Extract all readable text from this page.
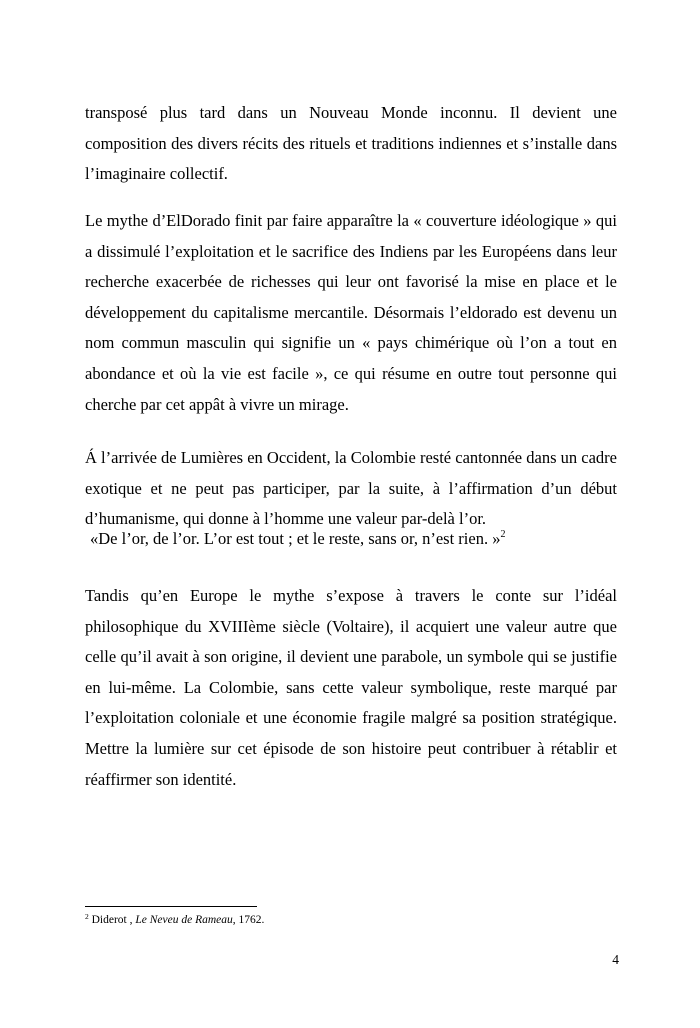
transposé plus tard dans un Nouveau Monde inconnu. Il devient une composition des divers récits des rituels et traditions indiennes et s’installe dans l’imaginaire collectif.

Le mythe d’ElDorado finit par faire apparaître la « couverture idéologique » qui a dissimulé l’exploitation et le sacrifice des Indiens par les Européens dans leur recherche exacerbée de richesses qui leur ont favorisé la mise en place et le développement du capitalisme mercantile. Désormais l’eldorado est devenu un nom commun masculin qui signifie un « pays chimérique où l’on a tout en abondance et où la vie est facile », ce qui résume en outre tout personne qui cherche par cet appât à vivre un mirage.

Á l’arrivée de Lumières en Occident, la Colombie resté cantonnée dans un cadre exotique et ne peut pas participer, par la suite, à l’affirmation d’un début d’humanisme, qui donne à l’homme une valeur par-delà l’or.

«De l’or, de l’or. L’or est tout ; et le reste, sans or, n’est rien. »$^2$

Tandis qu’en Europe le mythe s’expose à travers le conte sur l’idéal philosophique du XVIIIème siècle (Voltaire), il acquiert une valeur autre que celle qu’il avait à son origine, il devient une parabole, un symbole qui se justifie en lui-même. La Colombie, sans cette valeur symbolique, reste marqué par l’exploitation coloniale et une économie fragile malgré sa position stratégique. Mettre la lumière sur cet épisode de son histoire peut contribuer à rétablir et réaffirmer son identité.

$^2$ Diderot , Le Neveu de Rameau, 1762.
4
